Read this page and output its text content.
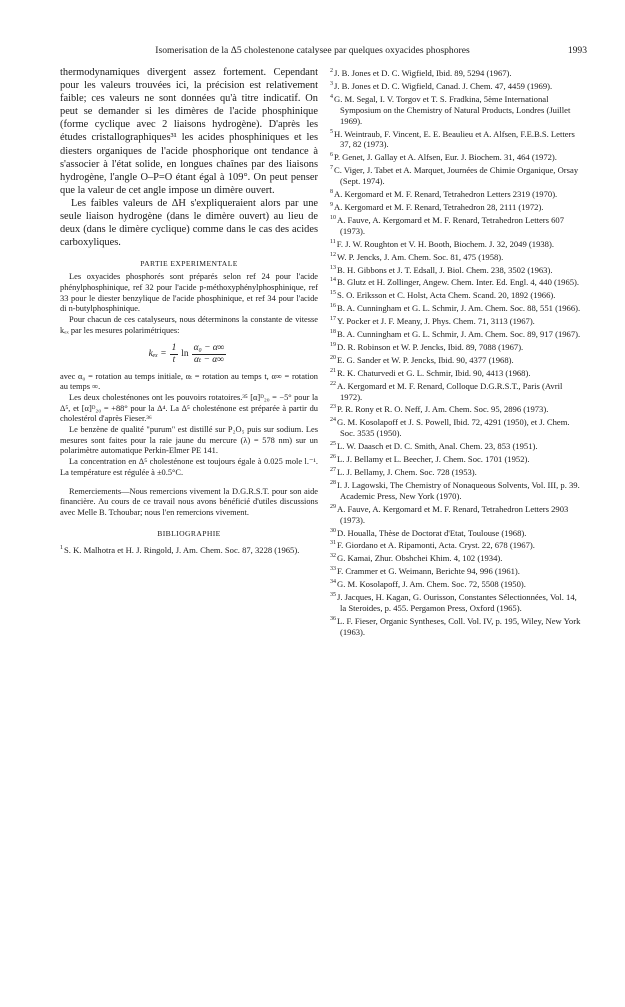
Isomerisation de la Δ5 cholestenone catalysee par quelques oxyacides phosphores	1993

thermodynamiques divergent assez fortement. Cependant pour les valeurs trouvées ici, la précision est relativement faible; ces valeurs ne sont données qu'à titre indicatif. On peut se demander si les dimères de l'acide phosphinique (forme cyclique avec 2 liaisons hydrogène). D'après les études cristallographiques³¹ les acides phosphiniques et les diesters organiques de l'acide phosphorique ont tendance à s'associer à l'état solide, en longues chaînes par des liaisons hydrogène, l'angle O–P=O étant égal à 109°. On peut penser que la valeur de cet angle impose un dimère ouvert.

Les faibles valeurs de ΔH s'expliqueraient alors par une seule liaison hydrogène (dans le dimère ouvert) au lieu de deux (dans le dimère cyclique) comme dans le cas des acides carboxyliques.

PARTIE EXPERIMENTALE

Les oxyacides phosphorés sont préparés selon ref 24 pour l'acide phénylphosphinique, ref 32 pour l'acide p-méthoxyphénylphosphinique, ref 33 pour le diester benzylique de l'acide phosphinique, et ref 34 pour l'acide di n-butylphosphinique.

Pour chacun de ces catalyseurs, nous déterminons la constante de vitesse kₑₓ par les mesures polarimétriques:

$k_{ex} = \frac{1}{t}$ $\ln \frac{\text{α₀ − α∞}}{\text{αₜ − α∞}}$

avec α₀ = rotation au temps initiale, αₜ = rotation au temps t, α∞ = rotation au temps ∞.

Les deux cholesténones ont les pouvoirs rotatoires.³⁵ [α]ᴰ₂₀ = −5° pour la Δ⁵, et [α]ᴰ₂₀ = +88° pour la Δ⁴. La Δ⁵ cholesténone est préparée à partir du cholestérol d'après Fieser.³⁶

Le benzène de qualité "purum" est distillé sur P₂O₅ puis sur sodium. Les mesures sont faites pour la raie jaune du mercure (λ) = 578 nm) sur un polarimètre automatique Perkin-Elmer PE 141.

La concentration en Δ⁵ cholesténone est toujours égale à 0.025 mole l.⁻¹. La température est régulée à ±0.5°C.

Remerciements—Nous remercions vivement la D.G.R.S.T. pour son aide financière. Au cours de ce travail nous avons bénéficié d'utiles discussions avec Melle B. Tchoubar; nous l'en remercions vivement.

BIBLIOGRAPHIE

$^1$S. K. Malhotra et H. J. Ringold, J. Am. Chem. Soc. 87, 3228 (1965).

$^2$J. B. Jones et D. C. Wigfield, Ibid. 89, 5294 (1967).

$^3$J. B. Jones et D. C. Wigfield, Canad. J. Chem. 47, 4459 (1969).

$^4$G. M. Segal, I. V. Torgov et T. S. Fradkina, 5ème International Symposium on the Chemistry of Natural Products, Londres (Juillet 1969).

$^5$H. Weintraub, F. Vincent, E. E. Beaulieu et A. Alfsen, F.E.B.S. Letters 37, 82 (1973).

$^6$P. Genet, J. Gallay et A. Alfsen, Eur. J. Biochem. 31, 464 (1972).

$^7$C. Viger, J. Tabet et A. Marquet, Journées de Chimie Organique, Orsay (Sept. 1974).

$^8$A. Kergomard et M. F. Renard, Tetrahedron Letters 2319 (1970).

$^9$A. Kergomard et M. F. Renard, Tetrahedron 28, 2111 (1972).

$^{10}$A. Fauve, A. Kergomard et M. F. Renard, Tetrahedron Letters 607 (1973).

$^{11}$F. J. W. Roughton et V. H. Booth, Biochem. J. 32, 2049 (1938).

$^{12}$W. P. Jencks, J. Am. Chem. Soc. 81, 475 (1958).

$^{13}$B. H. Gibbons et J. T. Edsall, J. Biol. Chem. 238, 3502 (1963).

$^{14}$B. Glutz et H. Zollinger, Angew. Chem. Inter. Ed. Engl. 4, 440 (1965).

$^{15}$S. O. Eriksson et C. Holst, Acta Chem. Scand. 20, 1892 (1966).

$^{16}$B. A. Cunningham et G. L. Schmir, J. Am. Chem. Soc. 88, 551 (1966).

$^{17}$Y. Pocker et J. F. Meany, J. Phys. Chem. 71, 3113 (1967).

$^{18}$B. A. Cunningham et G. L. Schmir, J. Am. Chem. Soc. 89, 917 (1967).

$^{19}$D. R. Robinson et W. P. Jencks, Ibid. 89, 7088 (1967).

$^{20}$E. G. Sander et W. P. Jencks, Ibid. 90, 4377 (1968).

$^{21}$R. K. Chaturvedi et G. L. Schmir, Ibid. 90, 4413 (1968).

$^{22}$A. Kergomard et M. F. Renard, Colloque D.G.R.S.T., Paris (Avril 1972).

$^{23}$P. R. Rony et R. O. Neff, J. Am. Chem. Soc. 95, 2896 (1973).

$^{24}$G. M. Kosolapoff et J. S. Powell, Ibid. 72, 4291 (1950), et J. Chem. Soc. 3535 (1950).

$^{25}$L. W. Daasch et D. C. Smith, Anal. Chem. 23, 853 (1951).

$^{26}$L. J. Bellamy et L. Beecher, J. Chem. Soc. 1701 (1952).

$^{27}$L. J. Bellamy, J. Chem. Soc. 728 (1953).

$^{28}$I. J. Lagowski, The Chemistry of Nonaqueous Solvents, Vol. III, p. 39. Academic Press, New York (1970).

$^{29}$A. Fauve, A. Kergomard et M. F. Renard, Tetrahedron Letters 2903 (1973).

$^{30}$D. Houalla, Thèse de Doctorat d'Etat, Toulouse (1968).

$^{31}$F. Giordano et A. Ripamonti, Acta. Cryst. 22, 678 (1967).

$^{32}$G. Kamai, Zhur. Obshchei Khim. 4, 102 (1934).

$^{33}$F. Crammer et G. Weimann, Berichte 94, 996 (1961).

$^{34}$G. M. Kosolapoff, J. Am. Chem. Soc. 72, 5508 (1950).

$^{35}$J. Jacques, H. Kagan, G. Ourisson, Constantes Sélectionnées, Vol. 14, la Steroides, p. 455. Pergamon Press, Oxford (1965).

$^{36}$L. F. Fieser, Organic Syntheses, Coll. Vol. IV, p. 195, Wiley, New York (1963).
